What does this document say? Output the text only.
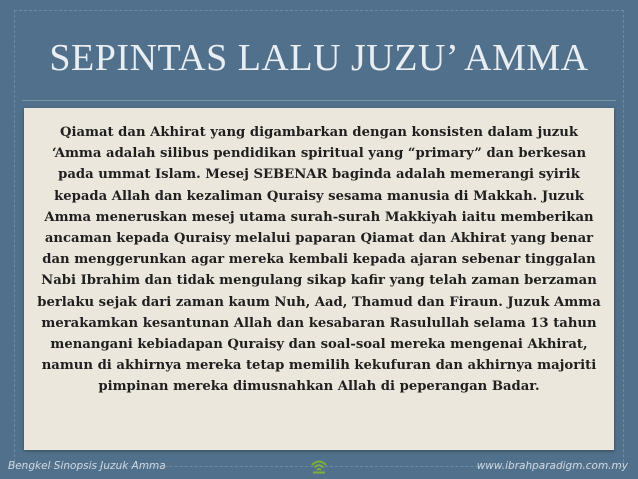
SEPINTAS LALU JUZU’ AMMA
Qiamat dan Akhirat yang digambarkan dengan konsisten dalam juzuk ‘Amma adalah silibus pendidikan spiritual yang “primary” dan berkesan pada ummat Islam. Mesej SEBENAR baginda adalah memerangi syirik kepada Allah dan kezaliman Quraisy sesama manusia di Makkah. Juzuk Amma meneruskan mesej utama surah-surah Makkiyah iaitu memberikan ancaman kepada Quraisy melalui paparan Qiamat dan Akhirat yang benar dan menggerunkan agar mereka kembali kepada ajaran sebenar tinggalan Nabi Ibrahim dan tidak mengulang sikap kafir yang telah zaman berzaman berlaku sejak dari zaman kaum Nuh, Aad, Thamud dan Firaun. Juzuk Amma merakamkan kesantunan Allah dan kesabaran Rasulullah selama 13 tahun menangani kebiadapan Quraisy dan soal-soal mereka mengenai Akhirat, namun di akhirnya mereka tetap memilih kekufuran dan akhirnya majoriti pimpinan mereka dimusnahkan Allah di peperangan Badar.
Bengkel Sinopsis Juzuk Amma	www.ibrahparadigm.com.my
